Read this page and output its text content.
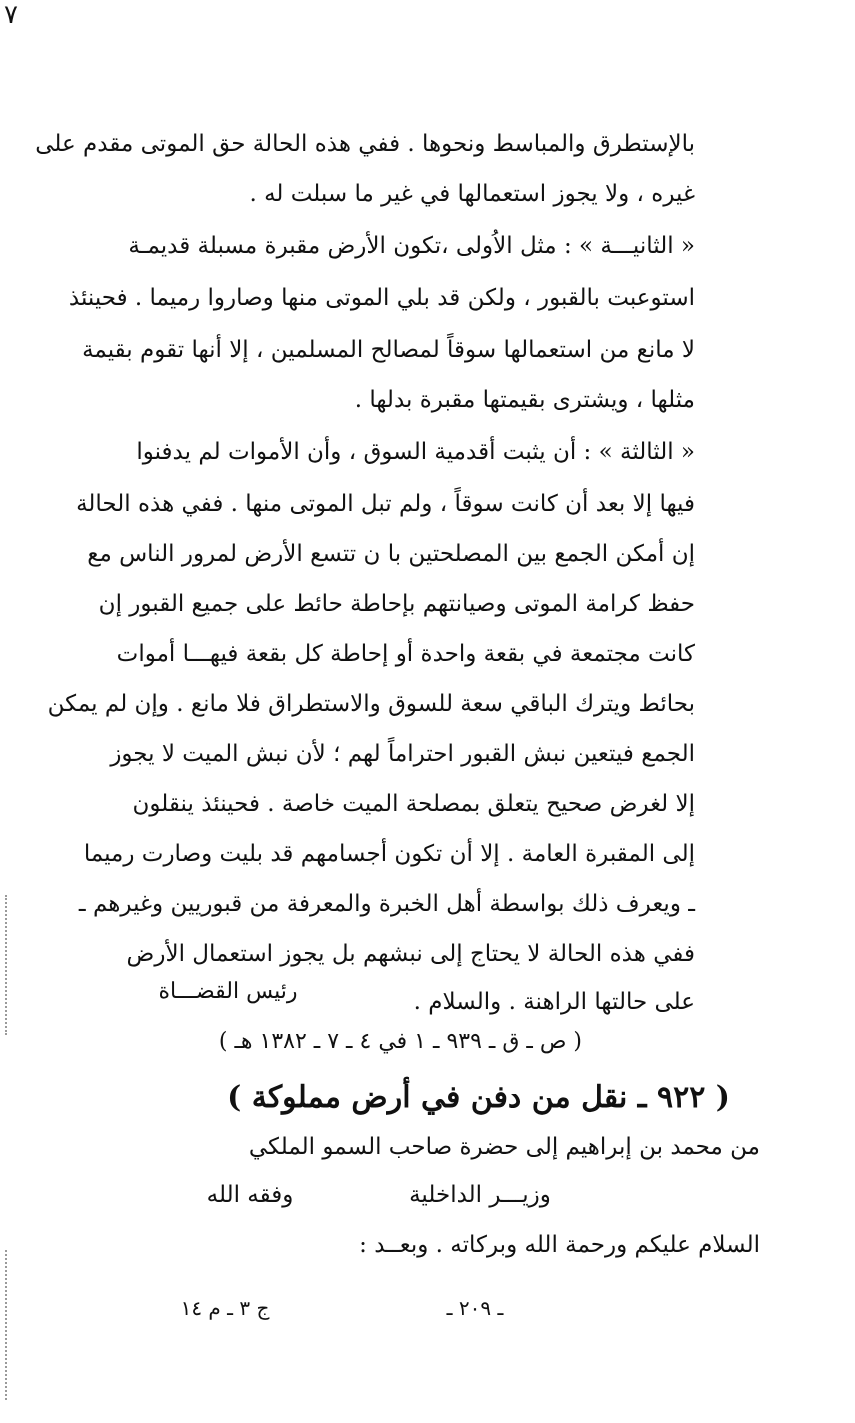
٧
بالإستطرق والمباسط ونحوها . ففي هذه الحالة حق الموتى مقدم على
غيره ، ولا يجوز استعمالها في غير ما سبلت له .
« الثانيـــة » : مثل الاُولى ،تكون الأرض مقبرة مسبلة قديمـة
استوعبت بالقبور ، ولكن قد بلي الموتى منها وصاروا رميما . فحينئذ
لا مانع من استعمالها سوقاً لمصالح المسلمين ، إلا أنها تقوم بقيمة
مثلها ، ويشترى بقيمتها مقبرة بدلها .
« الثالثة » : أن يثبت أقدمية السوق ، وأن الأموات لم يدفنوا
فيها إلا بعد أن كانت سوقاً ، ولم تبل الموتى منها . ففي هذه الحالة
إن أمكن الجمع بين المصلحتين با ن تتسع الأرض لمرور الناس مع
حفظ كرامة الموتى وصيانتهم بإحاطة حائط على جميع القبور إن
كانت مجتمعة في بقعة واحدة أو إحاطة كل بقعة فيهـــا أموات
بحائط ويترك الباقي سعة للسوق والاستطراق فلا مانع . وإن لم يمكن
الجمع فيتعين نبش القبور احتراماً لهم ؛ لأن نبش الميت لا يجوز
إلا لغرض صحيح يتعلق بمصلحة الميت خاصة . فحينئذ ينقلون
إلى المقبرة العامة . إلا أن تكون أجسامهم قد بليت وصارت رميما
ـ ويعرف ذلك بواسطة أهل الخبرة والمعرفة من قبوريين وغيرهم ـ
ففي هذه الحالة لا يحتاج إلى نبشهم بل يجوز استعمال الأرض
على حالتها الراهنة . والسلام .
رئيس القضـــاة
( ص ـ ق ـ ٩٣٩ ـ ١ في ٤ ـ ٧ ـ ١٣٨٢ هـ )
( ٩٢٢ ـ نقل من دفن في أرض مملوكة )
من محمد بن إبراهيم إلى حضرة صاحب السمو الملكي
وزيـــر الداخلية
وفقه الله
السلام عليكم ورحمة الله وبركاته . وبعــد :
ـ ٢٠٩ ـ
ج ٣ ـ م ١٤
